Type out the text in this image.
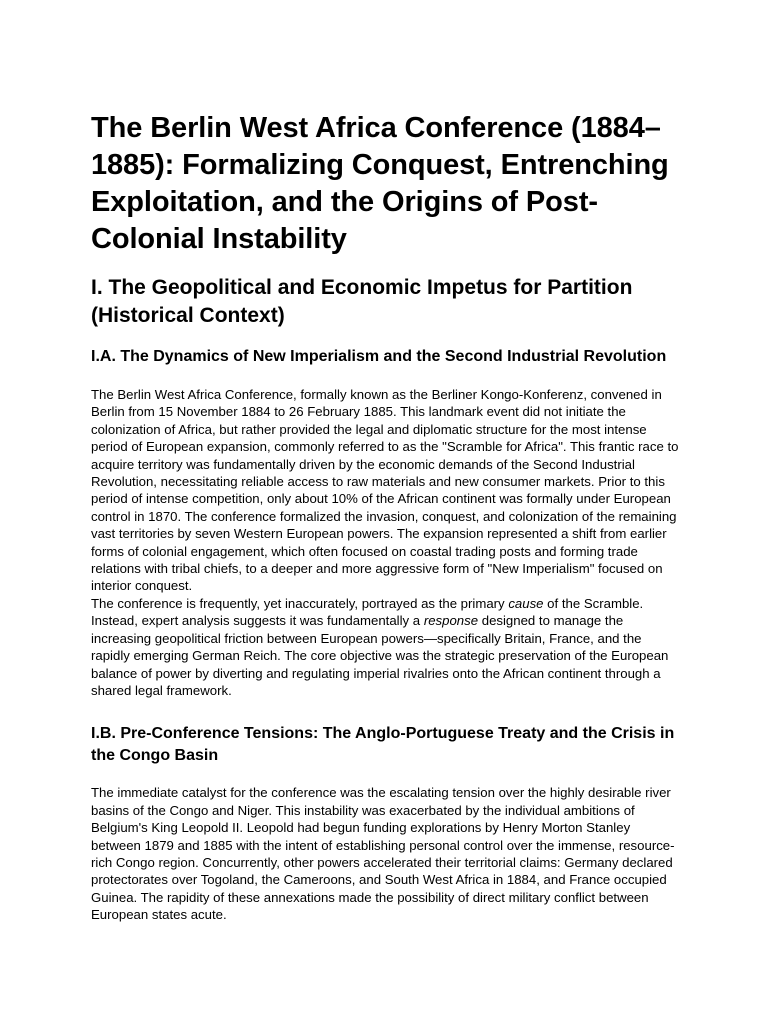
The Berlin West Africa Conference (1884–1885): Formalizing Conquest, Entrenching Exploitation, and the Origins of Post-Colonial Instability
I. The Geopolitical and Economic Impetus for Partition (Historical Context)
I.A. The Dynamics of New Imperialism and the Second Industrial Revolution

The Berlin West Africa Conference, formally known as the Berliner Kongo-Konferenz, convened in Berlin from 15 November 1884 to 26 February 1885. This landmark event did not initiate the colonization of Africa, but rather provided the legal and diplomatic structure for the most intense period of European expansion, commonly referred to as the "Scramble for Africa". This frantic race to acquire territory was fundamentally driven by the economic demands of the Second Industrial Revolution, necessitating reliable access to raw materials and new consumer markets. Prior to this period of intense competition, only about 10% of the African continent was formally under European control in 1870. The conference formalized the invasion, conquest, and colonization of the remaining vast territories by seven Western European powers. The expansion represented a shift from earlier forms of colonial engagement, which often focused on coastal trading posts and forming trade relations with tribal chiefs, to a deeper and more aggressive form of "New Imperialism" focused on interior conquest.

The conference is frequently, yet inaccurately, portrayed as the primary cause of the Scramble. Instead, expert analysis suggests it was fundamentally a response designed to manage the increasing geopolitical friction between European powers—specifically Britain, France, and the rapidly emerging German Reich. The core objective was the strategic preservation of the European balance of power by diverting and regulating imperial rivalries onto the African continent through a shared legal framework.

I.B. Pre-Conference Tensions: The Anglo-Portuguese Treaty and the Crisis in the Congo Basin

The immediate catalyst for the conference was the escalating tension over the highly desirable river basins of the Congo and Niger. This instability was exacerbated by the individual ambitions of Belgium's King Leopold II. Leopold had begun funding explorations by Henry Morton Stanley between 1879 and 1885 with the intent of establishing personal control over the immense, resource-rich Congo region. Concurrently, other powers accelerated their territorial claims: Germany declared protectorates over Togoland, the Cameroons, and South West Africa in 1884, and France occupied Guinea. The rapidity of these annexations made the possibility of direct military conflict between European states acute.
